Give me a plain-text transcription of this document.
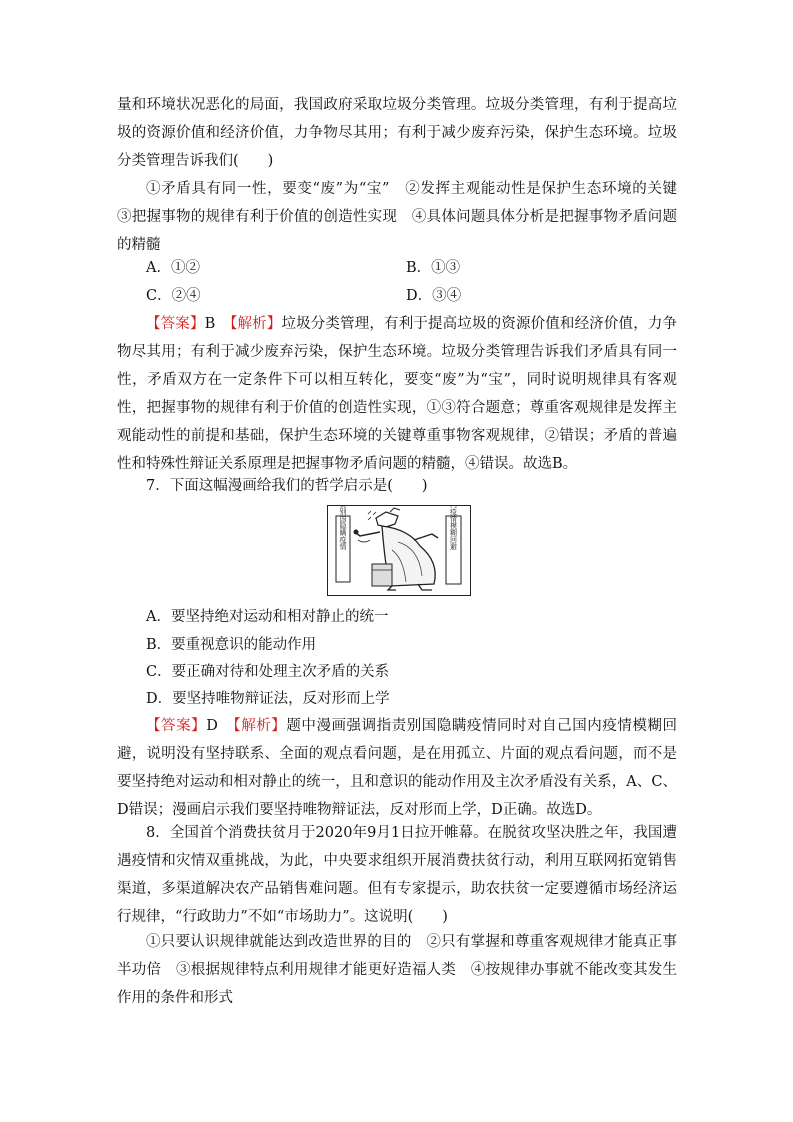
量和环境状况恶化的局面，我国政府采取垃圾分类管理。垃圾分类管理，有利于提高垃圾的资源价值和经济价值，力争物尽其用；有利于减少废弃污染，保护生态环境。垃圾分类管理告诉我们(　　)
①矛盾具有同一性，要变“废”为“宝”　②发挥主观能动性是保护生态环境的关键　③把握事物的规律有利于价值的创造性实现　④具体问题具体分析是把握事物矛盾问题的精髓
A．①②	B．①③
C．②④	D．③④
【答案】B　 【解析】垃圾分类管理，有利于提高垃圾的资源价值和经济价值，力争物尽其用；有利于减少废弃污染，保护生态环境。垃圾分类管理告诉我们矛盾具有同一性，矛盾双方在一定条件下可以相互转化，要变“废”为“宝”，同时说明规律具有客观性，把握事物的规律有利于价值的创造性实现，①③符合题意；尊重客观规律是发挥主观能动性的前提和基础，保护生态环境的关键尊重事物客观规律，②错误；矛盾的普遍性和特殊性辩证关系原理是把握事物矛盾问题的精髓，④错误。故选B。
7．下面这幅漫画给我们的哲学启示是(　　)
指责别国隐瞒疫情	国内疫情模糊回避
A．要坚持绝对运动和相对静止的统一
B．要重视意识的能动作用
C．要正确对待和处理主次矛盾的关系
D．要坚持唯物辩证法，反对形而上学
【答案】D　 【解析】题中漫画强调指责别国隐瞒疫情同时对自己国内疫情模糊回避，说明没有坚持联系、全面的观点看问题，是在用孤立、片面的观点看问题，而不是要坚持绝对运动和相对静止的统一，且和意识的能动作用及主次矛盾没有关系，A、C、D错误；漫画启示我们要坚持唯物辩证法，反对形而上学，D正确。故选D。
8．全国首个消费扶贫月于2020年9月1日拉开帷幕。在脱贫攻坚决胜之年，我国遭遇疫情和灾情双重挑战，为此，中央要求组织开展消费扶贫行动，利用互联网拓宽销售渠道，多渠道解决农产品销售难问题。但有专家提示，助农扶贫一定要遵循市场经济运行规律，“行政助力”不如“市场助力”。这说明(　　)
①只要认识规律就能达到改造世界的目的　②只有掌握和尊重客观规律才能真正事半功倍　③根据规律特点利用规律才能更好造福人类　④按规律办事就不能改变其发生作用的条件和形式
